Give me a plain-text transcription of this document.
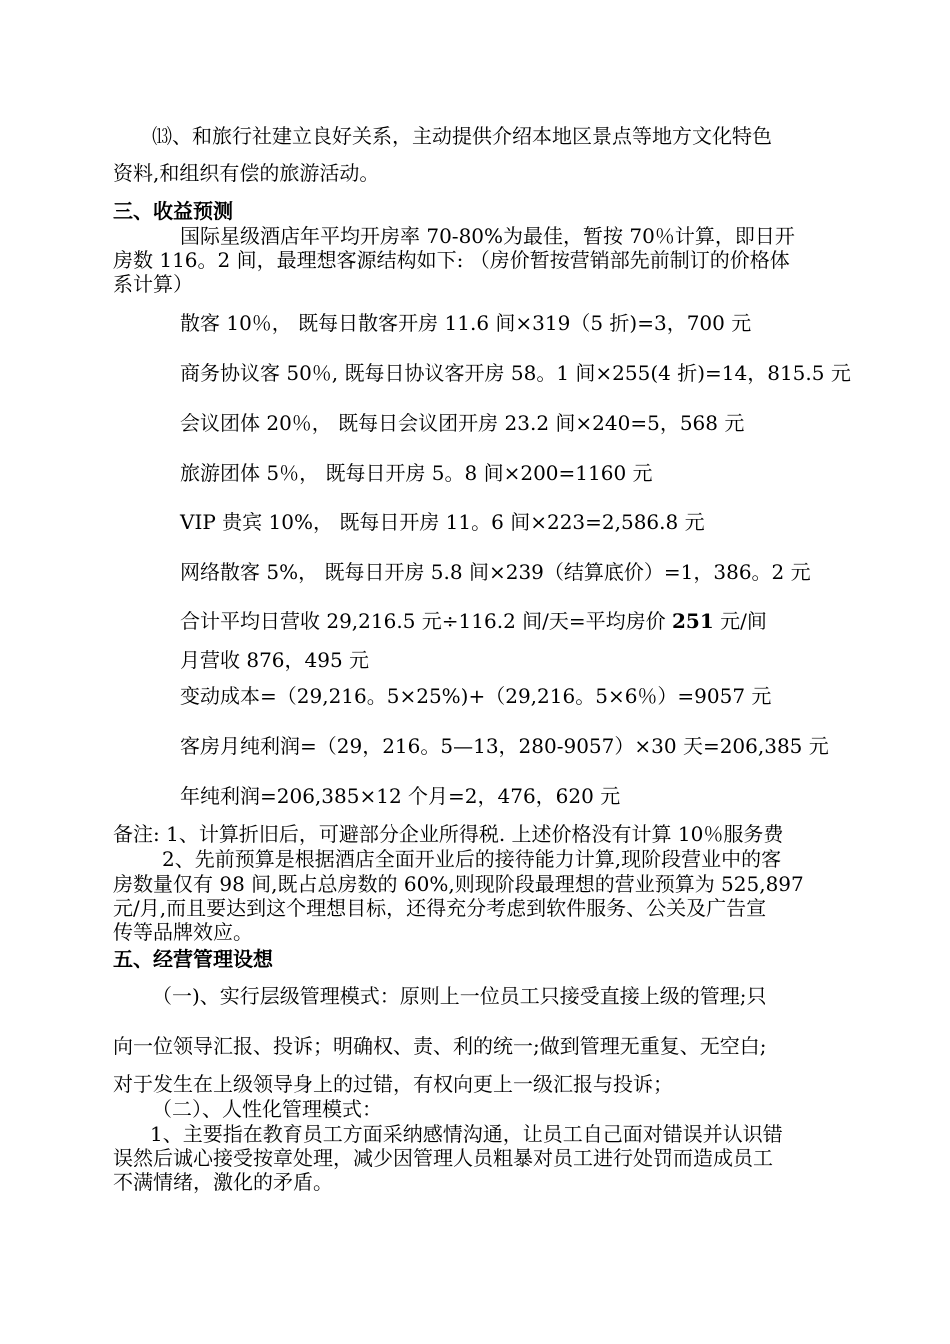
⒀、和旅行社建立良好关系，主动提供介绍本地区景点等地方文化特色
资料,和组织有偿的旅游活动。
三、收益预测
国际星级酒店年平均开房率 70-80%为最佳，暂按 70％计算，即日开
房数 116。2 间，最理想客源结构如下: （房价暂按营销部先前制订的价格体
系计算）
散客 10％， 既每日散客开房 11.6 间×319（5 折)=3，700 元
商务协议客 50％, 既每日协议客开房 58。1 间×255(4 折)=14，815.5 元
会议团体 20％， 既每日会议团开房 23.2 间×240=5，568 元
旅游团体 5％， 既每日开房 5。8 间×200=1160 元
VIP 贵宾 10%， 既每日开房 11。6 间×223=2,586.8 元
网络散客 5%， 既每日开房 5.8 间×239（结算底价）=1，386。2 元
合计平均日营收 29,216.5 元÷116.2 间/天=平均房价 251 元/间
月营收 876，495 元
变动成本=（29,216。5×25%)+（29,216。5×6％）=9057 元
客房月纯利润=（29，216。5—13，280-9057）×30 天=206,385 元
年纯利润=206,385×12 个月=2，476，620 元
备注: 1、计算折旧后，可避部分企业所得税. 上述价格没有计算 10％服务费
2、先前预算是根据酒店全面开业后的接待能力计算,现阶段营业中的客
房数量仅有 98 间,既占总房数的 60%,则现阶段最理想的营业预算为 525,897
元/月,而且要达到这个理想目标，还得充分考虑到软件服务、公关及广告宣
传等品牌效应。
五、经营管理设想
（一)、实行层级管理模式：原则上一位员工只接受直接上级的管理;只
向一位领导汇报、投诉；明确权、责、利的统一;做到管理无重复、无空白;
对于发生在上级领导身上的过错，有权向更上一级汇报与投诉；
（二）、人性化管理模式：
1、主要指在教育员工方面采纳感情沟通，让员工自己面对错误并认识错
误然后诚心接受按章处理，减少因管理人员粗暴对员工进行处罚而造成员工
不满情绪，激化的矛盾。
